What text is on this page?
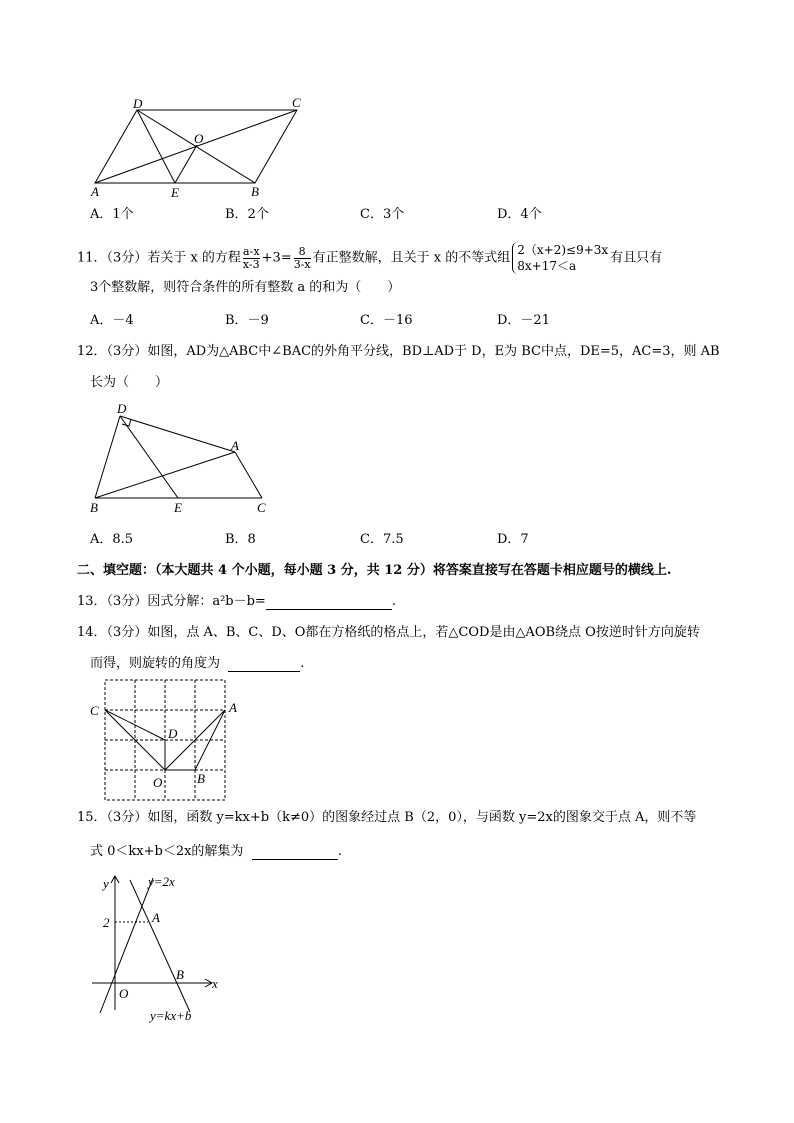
D	C
O
A	E	B
D
A
B	E	C
C	A
D
O	B
y	y=2x
2	A
B
x
O
y=kx+b
A．1个	B．2个	C．3个	D．4个
11．（3分）若关于 x 的方程 $\frac{a-x}{x-3} +3= \frac{8}{3-x}$ 有正整数解，且关于 x 的不等式组
2（x+2)≤9+3x
8x+17＜a
有且只有
3个整数解，则符合条件的所有整数 a 的和为（　　）
A．－4	B．－9	C．－16	D．－21
12．（3分）如图，AD为△ABC中∠BAC的外角平分线，BD⊥AD于 D，E为 BC中点，DE=5，AC=3，则 AB
长为（　　）
A．8.5	B．8	C．7.5	D．7
二、填空题：（本大题共 4 个小题，每小题 3 分，共 12 分）将答案直接写在答题卡相应题号的横线上.
13．（3分）因式分解：a²b－b=	.
14．（3分）如图，点 A、B、C、D、O都在方格纸的格点上，若△COD是由△AOB绕点 O按逆时针方向旋转
而得，则旋转的角度为	.
15．（3分）如图，函数 y=kx+b（k≠0）的图象经过点 B（2，0），与函数 y=2x的图象交于点 A，则不等
式 0＜kx+b＜2x的解集为	.
